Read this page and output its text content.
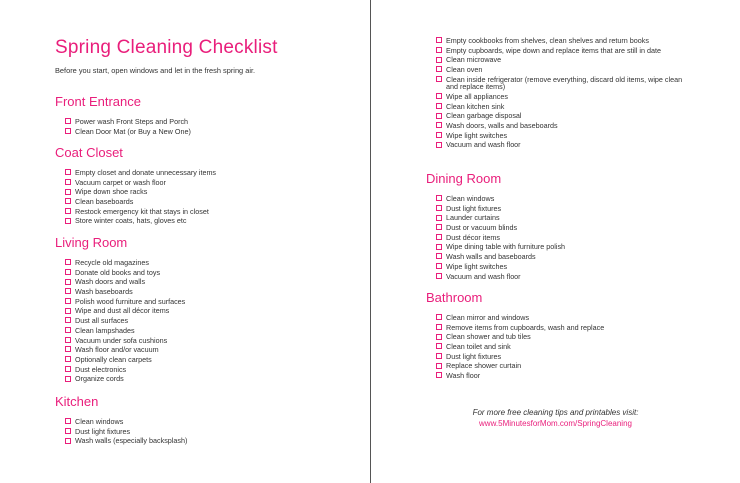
Spring Cleaning Checklist

Before you start, open windows and let in the fresh spring air.

Front Entrance
Power wash Front Steps and Porch
Clean Door Mat (or Buy a New One)
Coat Closet
Empty closet and donate unnecessary items
Vacuum carpet or wash floor
Wipe down shoe racks
Clean baseboards
Restock emergency kit that stays in closet
Store winter coats, hats, gloves etc
Living Room
Recycle old magazines
Donate old books and toys
Wash doors and walls
Wash baseboards
Polish wood furniture and surfaces
Wipe and dust all décor items
Dust all surfaces
Clean lampshades
Vacuum under sofa cushions
Wash floor and/or vacuum
Optionally clean carpets
Dust electronics
Organize cords
Kitchen
Clean windows
Dust light fixtures
Wash walls (especially backsplash)
Empty cookbooks from shelves, clean shelves and return books
Empty cupboards, wipe down and replace items that are still in date
Clean microwave
Clean oven
Clean inside refrigerator (remove everything, discard old items, wipe clean and replace items)
Wipe all appliances
Clean kitchen sink
Clean garbage disposal
Wash doors, walls and baseboards
Wipe light switches
Vacuum and wash floor
Dining Room
Clean windows
Dust light fixtures
Launder curtains
Dust or vacuum blinds
Dust décor items
Wipe dining table with furniture polish
Wash walls and baseboards
Wipe light switches
Vacuum and wash floor
Bathroom
Clean mirror and windows
Remove items from cupboards, wash and replace
Clean shower and tub tiles
Clean toilet and sink
Dust light fixtures
Replace shower curtain
Wash floor
For more free cleaning tips and printables visit:
www.5MinutesforMom.com/SpringCleaning
